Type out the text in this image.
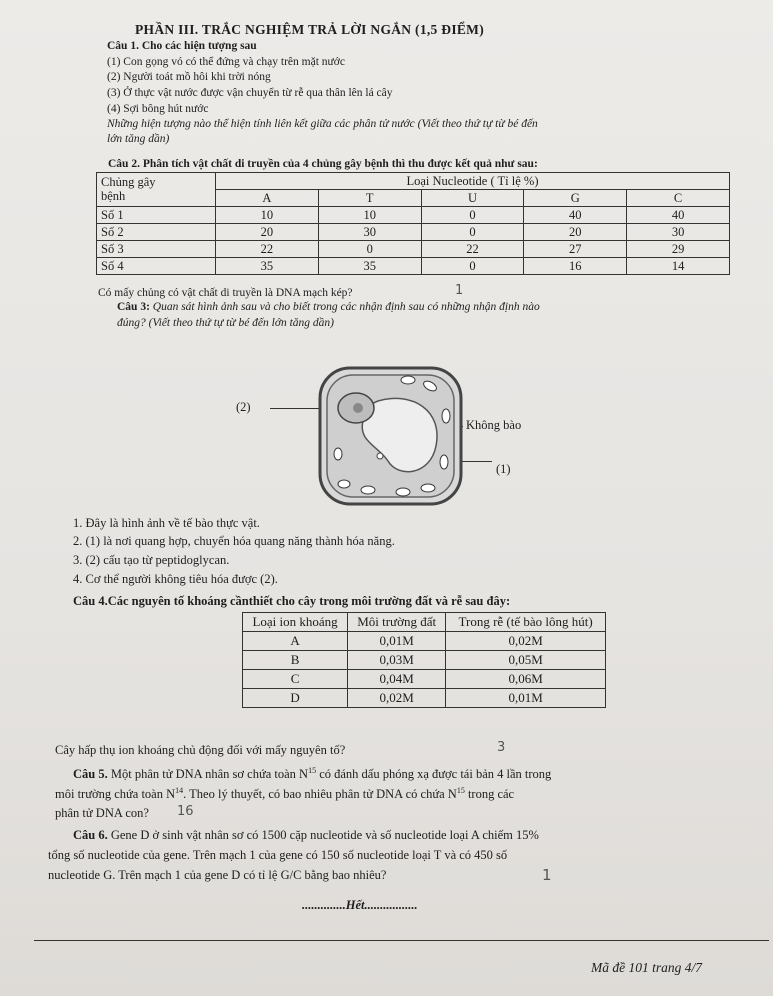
PHẦN III. TRẮC NGHIỆM TRẢ LỜI NGẮN (1,5 ĐIỂM)
Câu 1. Cho các hiện tượng sau
(1) Con gọng vó có thể đứng và chạy trên mặt nước
(2) Người toát mồ hôi khi trời nóng
(3) Ở thực vật nước được vận chuyển từ rễ qua thân lên lá cây
(4) Sợi bông hút nước
Những hiện tượng nào thể hiện tính liên kết giữa các phân tử nước (Viết theo thứ tự từ bé đến
lớn tăng dần)
Câu 2. Phân tích vật chất di truyền của 4 chủng gây bệnh thì thu được kết quả như sau:
Chủng gây
bệnh	Loại Nucleotide ( Tỉ lệ %)				
	A	T	U	G	C
Số 1	10	10	0	40	40
Số 2	20	30	0	20	30
Số 3	22	0	22	27	29
Số 4	35	35	0	16	14
Có mấy chủng có vật chất di truyền là DNA mạch kép?	1
Câu 3: Quan sát hình ảnh sau và cho biết trong các nhận định sau có những nhận định nào
đúng? (Viết theo thứ tự từ bé đến lớn tăng dần)
(2)
Không bào
(1)
1. Đây là hình ảnh về tế bào thực vật.
2. (1) là nơi quang hợp, chuyển hóa quang năng thành hóa năng.
3. (2) cấu tạo từ peptidoglycan.
4. Cơ thể người không tiêu hóa được (2).
Câu 4.Các nguyên tố khoáng cầnthiết cho cây trong môi trường đất và rễ sau đây:
Loại ion khoáng	Môi trường đất	Trong rễ (tế bào lông hút)
A	0,01M	0,02M
B	0,03M	0,05M
C	0,04M	0,06M
D	0,02M	0,01M
Cây hấp thụ ion khoáng chủ động đối với mấy nguyên tố?	3
Câu 5. Một phân tử DNA nhân sơ chứa toàn $N^{15}$ có đánh dấu phóng xạ được tái bản 4 lần trong
môi trường chứa toàn $N^{14}$. Theo lý thuyết, có bao nhiêu phân tử DNA có chứa $N^{15}$ trong các
phân tử DNA con? 16
Câu 6. Gene D ở sinh vật nhân sơ có 1500 cặp nucleotide và số nucleotide loại A chiếm 15%
tổng số nucleotide của gene. Trên mạch 1 của gene có 150 số nucleotide loại T và có 450 số
nucleotide G. Trên mạch 1 của gene D có tỉ lệ G/C bằng bao nhiêu?	1
..............Hết.................
Mã đề 101 trang 4/7
